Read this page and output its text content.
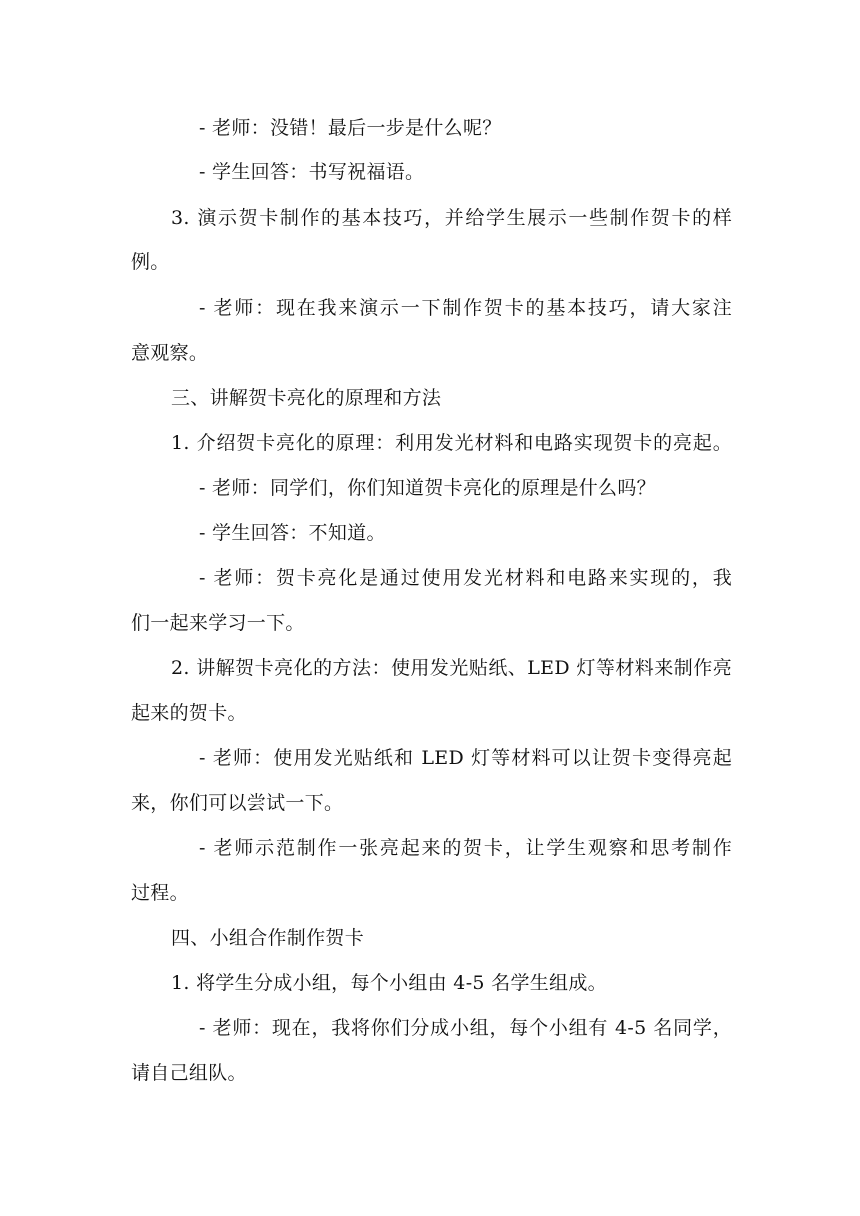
- 老师：没错！最后一步是什么呢？
- 学生回答：书写祝福语。
3. 演示贺卡制作的基本技巧，并给学生展示一些制作贺卡的样
例。
- 老师：现在我来演示一下制作贺卡的基本技巧，请大家注
意观察。
三、讲解贺卡亮化的原理和方法
1. 介绍贺卡亮化的原理：利用发光材料和电路实现贺卡的亮起。
- 老师：同学们，你们知道贺卡亮化的原理是什么吗？
- 学生回答：不知道。
- 老师：贺卡亮化是通过使用发光材料和电路来实现的，我
们一起来学习一下。
2. 讲解贺卡亮化的方法：使用发光贴纸、LED 灯等材料来制作亮
起来的贺卡。
- 老师：使用发光贴纸和 LED 灯等材料可以让贺卡变得亮起
来，你们可以尝试一下。
- 老师示范制作一张亮起来的贺卡，让学生观察和思考制作
过程。
四、小组合作制作贺卡
1. 将学生分成小组，每个小组由 4-5 名学生组成。
- 老师：现在，我将你们分成小组，每个小组有 4-5 名同学，
请自己组队。
